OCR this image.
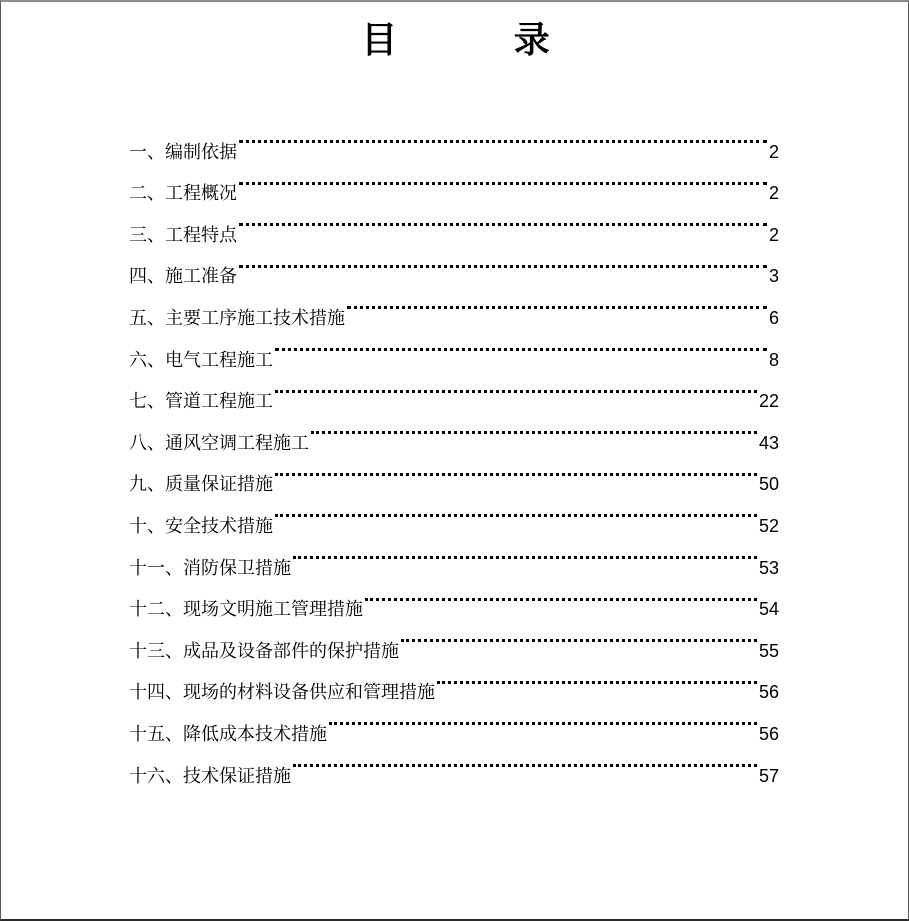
目 录
一、编制依据	2
二、工程概况	2
三、工程特点	2
四、施工准备	3
五、主要工序施工技术措施	6
六、电气工程施工	8
七、管道工程施工	22
八、通风空调工程施工	43
九、质量保证措施	50
十、安全技术措施	52
十一、消防保卫措施	53
十二、现场文明施工管理措施	54
十三、成品及设备部件的保护措施	55
十四、现场的材料设备供应和管理措施	56
十五、降低成本技术措施	56
十六、技术保证措施	57
